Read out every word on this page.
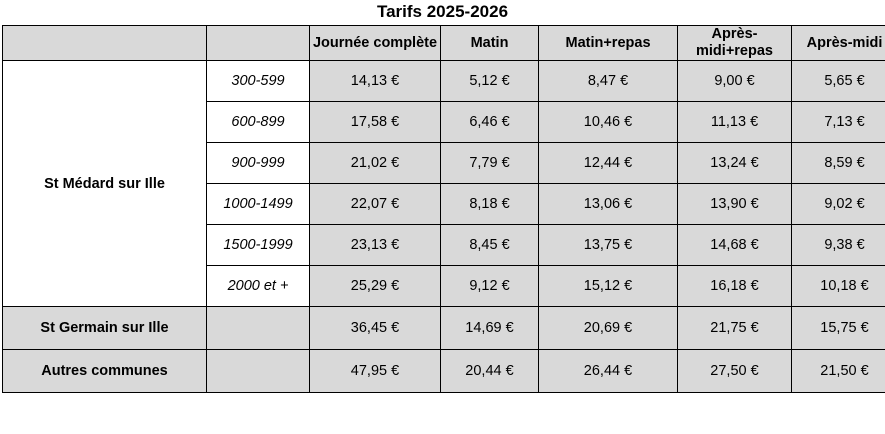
Tarifs 2025-2026
		Journée complète	Matin	Matin+repas	Après-midi+repas	Après-midi
St Médard sur Ille	300-599	14,13 €	5,12 €	8,47 €	9,00 €	5,65 €
	600-899	17,58 €	6,46 €	10,46 €	11,13 €	7,13 €
	900-999	21,02 €	7,79 €	12,44 €	13,24 €	8,59 €
	1000-1499	22,07 €	8,18 €	13,06 €	13,90 €	9,02 €
	1500-1999	23,13 €	8,45 €	13,75 €	14,68 €	9,38 €
	2000 et +	25,29 €	9,12 €	15,12 €	16,18 €	10,18 €
St Germain sur Ille		36,45 €	14,69 €	20,69 €	21,75 €	15,75 €
Autres communes		47,95 €	20,44 €	26,44 €	27,50 €	21,50 €
